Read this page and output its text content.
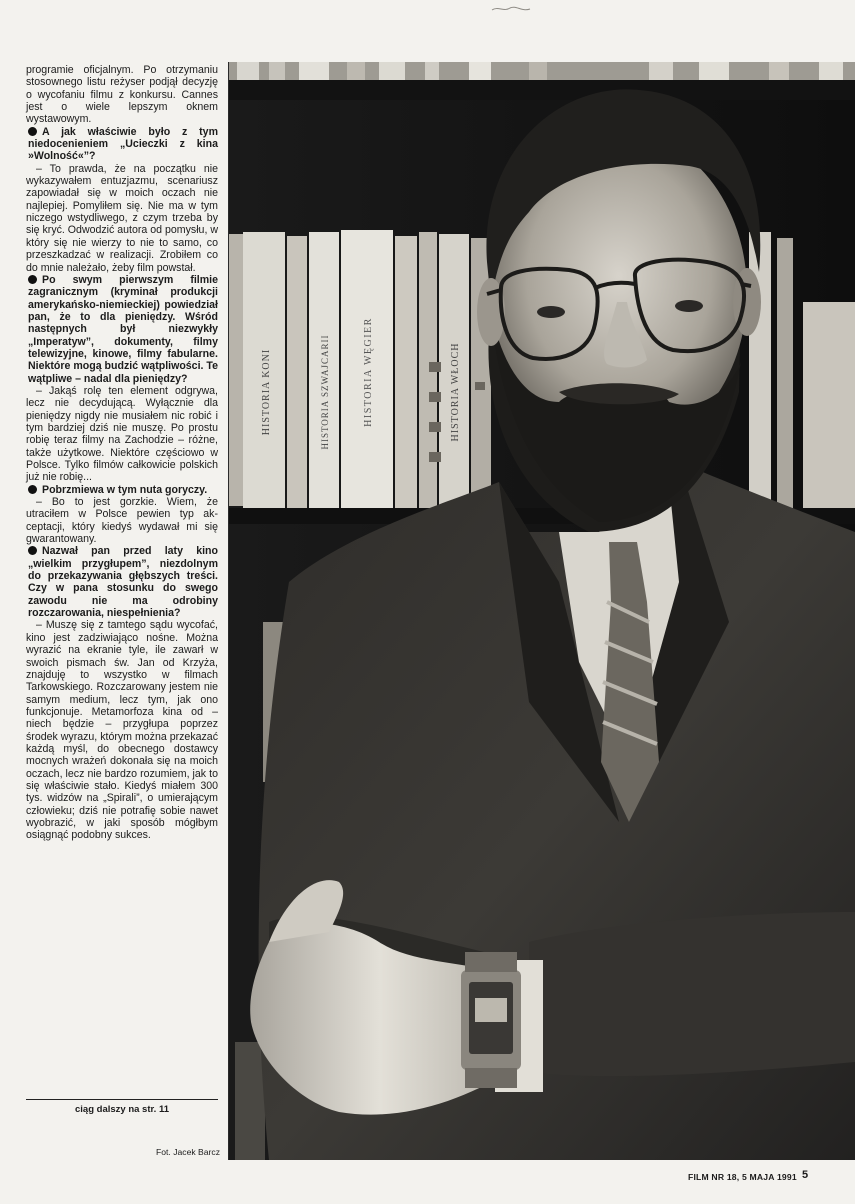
programie oficjalnym. Po otrzymaniu stosownego listu reżyser podjął decyzję o wycofaniu filmu z konkursu. Cannes jest o wiele lepszym oknem wystawowym.

A jak właściwie było z tym niedocenieniem „Ucieczki z kina »Wolność«”?

– To prawda, że na początku nie wykazywałem entuzjazmu, scenariusz zapowiadał się w moich oczach nie najlepiej. Pomyliłem się. Nie ma w tym niczego wstydliwego, z czym trzeba by się kryć. Odwodzić autora od pomysłu, w który się nie wierzy to nie to samo, co przeszkadzać w realizacji. Zrobiłem co do mnie należało, żeby film powstał.

Po swym pierwszym filmie zagranicznym (kryminał produkcji amerykańsko-niemieckiej) powiedział pan, że to dla pieniędzy. Wśród następnych był niezwykły „Imperatyw”, dokumenty, filmy telewizyjne, kinowe, filmy fabularne. Niektóre mogą budzić wątpliwości. Te wątpliwe – nadal dla pieniędzy?

– Jakąś rolę ten element odgrywa, lecz nie decydującą. Wyłącznie dla pieniędzy nigdy nie musiałem nic robić i tym bardziej dziś nie muszę. Po prostu robię teraz filmy na Zachodzie – różne, także użytkowe. Niektóre częściowo w Polsce. Tylko filmów całkowicie polskich już nie robię...

Pobrzmiewa w tym nuta goryczy.

– Bo to jest gorzkie. Wiem, że utraciłem w Polsce pewien typ akceptacji, który kiedyś wydawał mi się gwarantowany.

Nazwał pan przed laty kino „wielkim przygłupem”, niezdolnym do przekazywania głębszych treści. Czy w pana stosunku do swego zawodu nie ma odrobiny rozczarowania, niespełnienia?

– Muszę się z tamtego sądu wycofać, kino jest zadziwiająco nośne. Można wyrazić na ekranie tyle, ile zawarł w swoich pismach św. Jan od Krzyża, znajduję to wszystko w filmach Tarkowskiego. Rozczarowany jestem nie samym medium, lecz tym, jak ono funkcjonuje. Metamorfoza kina od – niech będzie – przygłupa poprzez środek wyrazu, którym można przekazać każdą myśl, do obecnego dostawcy mocnych wrażeń dokonała się na moich oczach, lecz nie bardzo rozumiem, jak to się właściwie stało. Kiedyś miałem 300 tys. widzów na „Spirali”, o umierającym człowieku; dziś nie potrafię sobie nawet wyobrazić, w jaki sposób mógłbym osiągnąć podobny sukces.

ciąg dalszy na str. 11
Fot. Jacek Barcz
HISTORIA KONI	HISTORIA SZWAJCARII	HISTORIA WĘGIER	HISTORIA WŁOCH
FILM NR 18, 5 MAJA 1991 5
